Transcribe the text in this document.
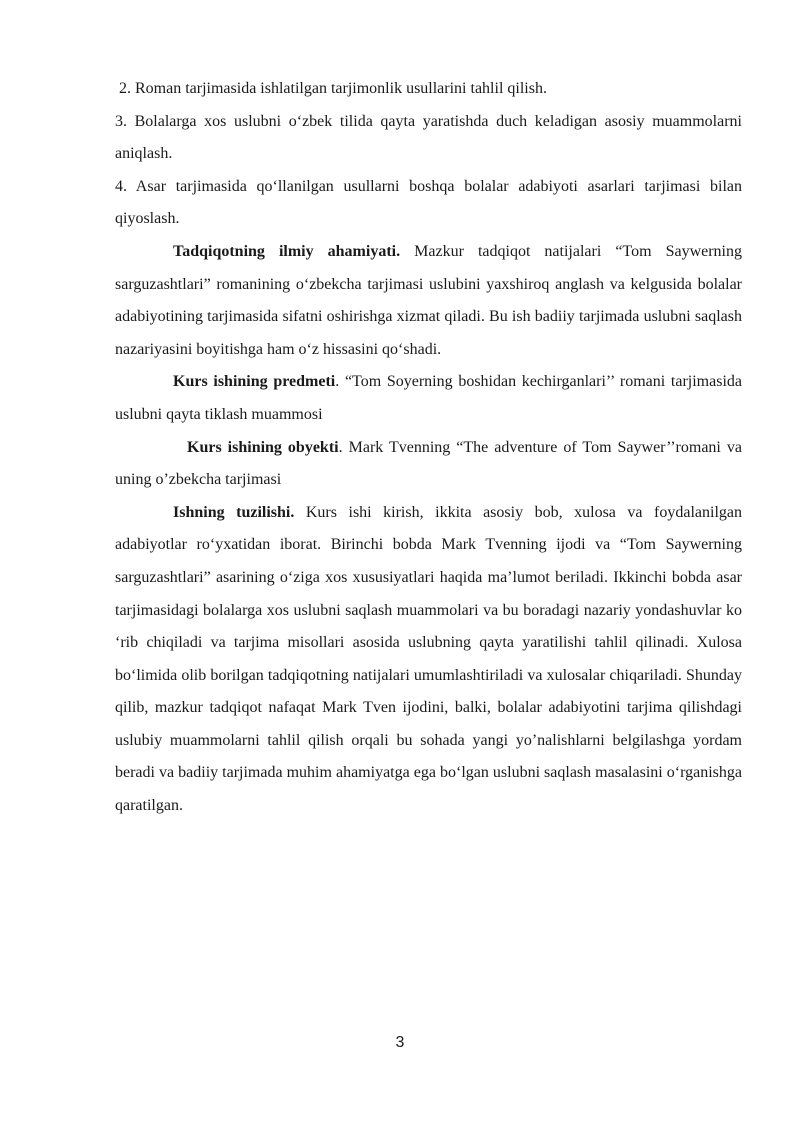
2. Roman tarjimasida ishlatilgan tarjimonlik usullarini tahlil qilish.

3. Bolalarga xos uslubni o‘zbek tilida qayta yaratishda duch keladigan asosiy muammolarni aniqlash.

4. Asar tarjimasida qo‘llanilgan usullarni boshqa bolalar adabiyoti asarlari tarjimasi bilan qiyoslash.

Tadqiqotning ilmiy ahamiyati. Mazkur tadqiqot natijalari “Tom Saywerning sarguzashtlari” romanining o‘zbekcha tarjimasi uslubini yaxshiroq anglash va kelgusida bolalar adabiyotining tarjimasida sifatni oshirishga xizmat qiladi. Bu ish badiiy tarjimada uslubni saqlash nazariyasini boyitishga ham o‘z hissasini qo‘shadi.

Kurs ishining predmeti. “Tom Soyerning boshidan kechirganlari’’ romani tarjimasida uslubni qayta tiklash muammosi

Kurs ishining obyekti. Mark Tvenning “The adventure of Tom Saywer’’romani va uning o’zbekcha tarjimasi

Ishning tuzilishi. Kurs ishi kirish, ikkita asosiy bob, xulosa va foydalanilgan adabiyotlar ro‘yxatidan iborat. Birinchi bobda Mark Tvenning ijodi va “Tom Saywerning sarguzashtlari” asarining o‘ziga xos xususiyatlari haqida ma’lumot beriladi. Ikkinchi bobda asar tarjimasidagi bolalarga xos uslubni saqlash muammolari va bu boradagi nazariy yondashuvlar ko ‘rib chiqiladi va tarjima misollari asosida uslubning qayta yaratilishi tahlil qilinadi. Xulosa bo‘limida olib borilgan tadqiqotning natijalari umumlashtiriladi va xulosalar chiqariladi. Shunday qilib, mazkur tadqiqot nafaqat Mark Tven ijodini, balki, bolalar adabiyotini tarjima qilishdagi uslubiy muammolarni tahlil qilish orqali bu sohada yangi yo’nalishlarni belgilashga yordam beradi va badiiy tarjimada muhim ahamiyatga ega bo‘lgan uslubni saqlash masalasini o‘rganishga qaratilgan.

3
